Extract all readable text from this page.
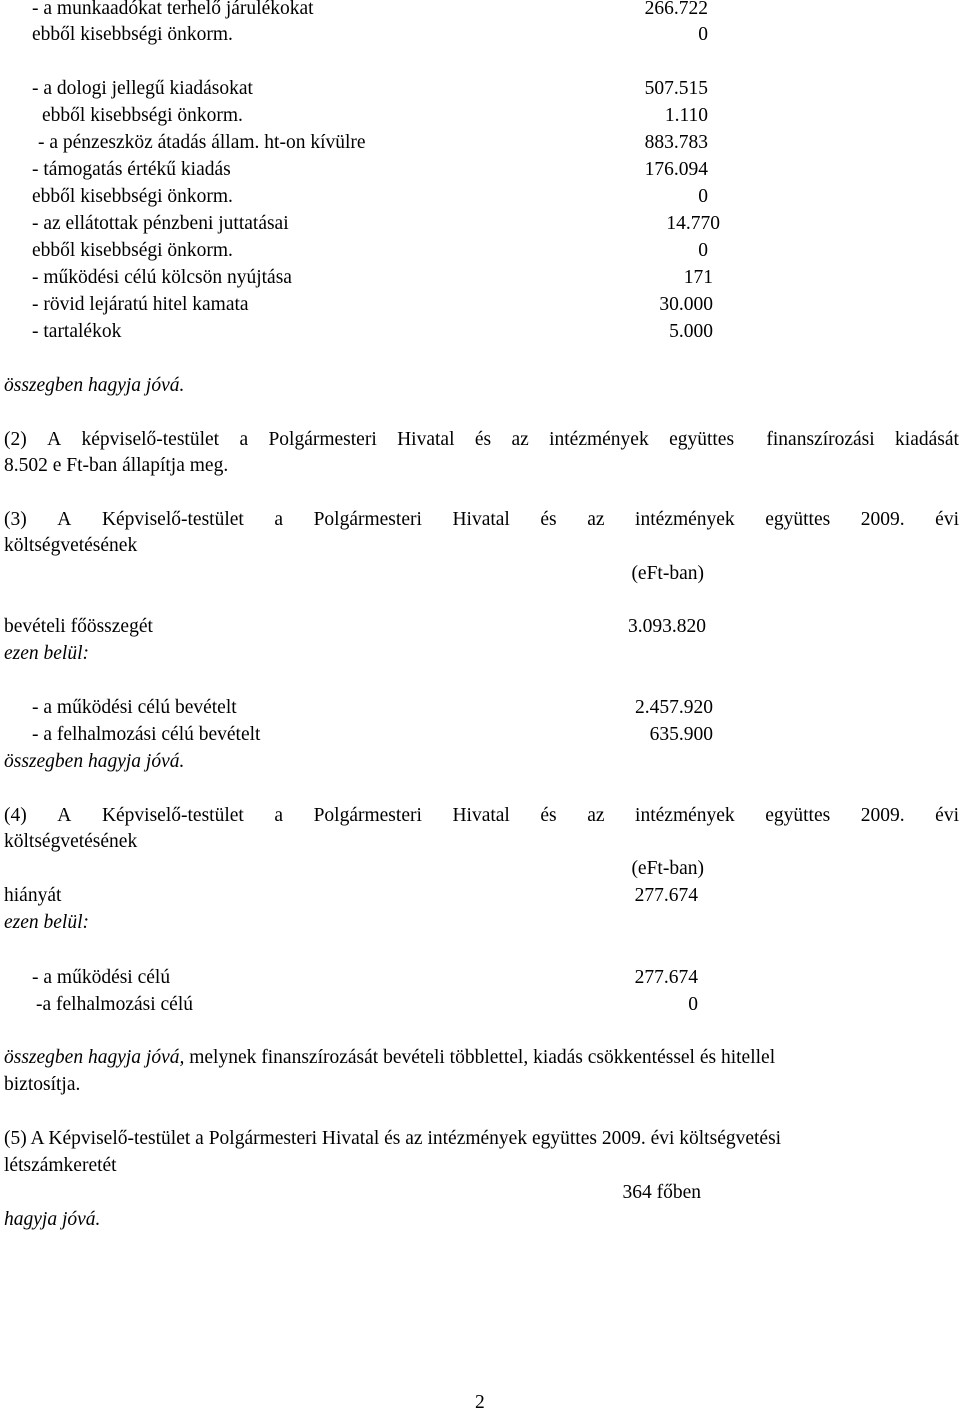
- a munkaadókat terhelő járulékokat	266.722
ebből kisebbségi önkorm.	0
- a dologi jellegű kiadásokat	507.515
ebből kisebbségi önkorm.	1.110
- a pénzeszköz átadás állam. ht-on kívülre	883.783
- támogatás értékű kiadás	176.094
ebből kisebbségi önkorm.	0
- az ellátottak pénzbeni juttatásai	14.770
ebből kisebbségi önkorm.	0
- működési célú kölcsön nyújtása	171
- rövid lejáratú hitel kamata	30.000
- tartalékok	5.000
összegben hagyja jóvá.
(2) A képviselő-testület a Polgármesteri Hivatal és az intézmények együttes finanszírozási kiadását
8.502 e Ft-ban állapítja meg.
(3) A Képviselő-testület a Polgármesteri Hivatal és az intézmények együttes 2009. évi
költségvetésének
(eFt-ban)
bevételi főösszegét	3.093.820
ezen belül:
- a működési célú bevételt	2.457.920
- a felhalmozási célú bevételt	635.900
összegben hagyja jóvá.
(4) A Képviselő-testület a Polgármesteri Hivatal és az intézmények együttes 2009. évi
költségvetésének
(eFt-ban)
hiányát	277.674
ezen belül:
- a működési célú	277.674
-a felhalmozási célú	0
összegben hagyja jóvá, melynek finanszírozását bevételi többlettel, kiadás csökkentéssel és hitellel
biztosítja.
(5) A Képviselő-testület a Polgármesteri Hivatal és az intézmények együttes 2009. évi költségvetési
létszámkeretét
364 főben
hagyja jóvá.
2
